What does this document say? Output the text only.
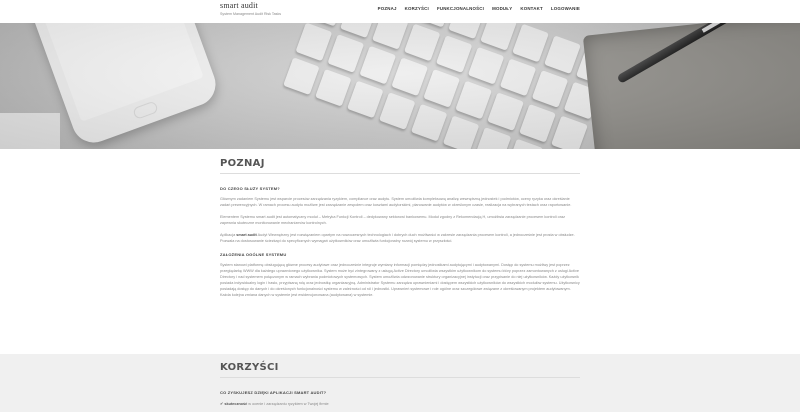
smart audit
System Management Audit Risk Tasks
POZNAJ KORZYŚCI FUNKCJONALNOŚCI MODUŁY KONTAKT LOGOWANIE
POZNAJ
DO CZEGO SŁUŻY SYSTEM?

Głównym zadaniem Systemu jest wsparcie procesów zarządzania ryzykiem, compliance oraz audytu. System umożliwia kompleksową analizę wewnętrzną jednostek i podmiotów, oceny ryzyka oraz określanie zadań prewencyjnych. W ramach procesu audytu możliwe jest zarządzanie zespołem oraz kosztami audytorskimi, planowanie audytów w określonym czasie, realizacja na wybranych testach oraz raportowanie.

Elementem Systemu smart audit jest automatyczny moduł – Metryka Funkcji Kontroli – dedykowany sektorowi bankowemu. Moduł zgodny z Rekomendacją H, umożliwia zarządzanie procesem kontroli oraz zapewnia skuteczne monitorowanie mechanizmów kontrolnych.

Aplikacja smart audit Audyt Wewnętrzny jest rozwiązaniem opartym na nowoczesnych technologiach i dobrych duch możliwości w zakresie zarządzania procesem kontroli, a jednocześnie jest prosta w obsłudze. Pozwala na dostosowanie ściezkapi do specyficznych wymagań użytkowników oraz umożliwia funkcjonalny rozwój systemu w przyszłości.

ZAŁOŻENIA OGÓLNE SYSTEMU

System stanowi platformę obsługującą główne procesy audytowe oraz jednocześnie integruje wymiany informacji pomiędzy jednostkami audytującymi i audytowanymi. Dostęp do systemu możliwy jest poprzez przeglądarkę WWW dla każdego uprawnionego użytkownika. System może być zintegrowany z usługą Active Directory umożliwia wszystkim użytkownikom do systemu który poprzez zamontowanych z usługi Active Directory i nad systemem połączonym w ramach wybrania podmiotowych systemowych. System umożliwia odwzorowanie struktury organizacyjnej instytucji oraz przypisanie do niej użytkowników. Każdy użytkownik posiada indywidualny login i hasło, przypisaną rolę oraz jednostkę organizacyjną. Administrator Systemu zarządza uprawnieniami i dostępem wszystkich użytkowników do wszystkich modułów systemu. Użytkownicy posiadają dostęp do danych i do określonych funkcjonalności systemu w zależności od ról i jednostki. Uprawnień systemowe i role ogólne oraz szczegółowe związane z określowanym projektem audytowanym. Każda kolejna zmiana danych w systemie jest ewidencjonowana (audytowana) w systemie.

KORZYŚCI
CO ZYSKUJESZ DZIĘKI APLIKACJI SMART AUDIT?

✔ skuteczność w ocenie i zarządzaniu ryzykiem w Twojej firmie
